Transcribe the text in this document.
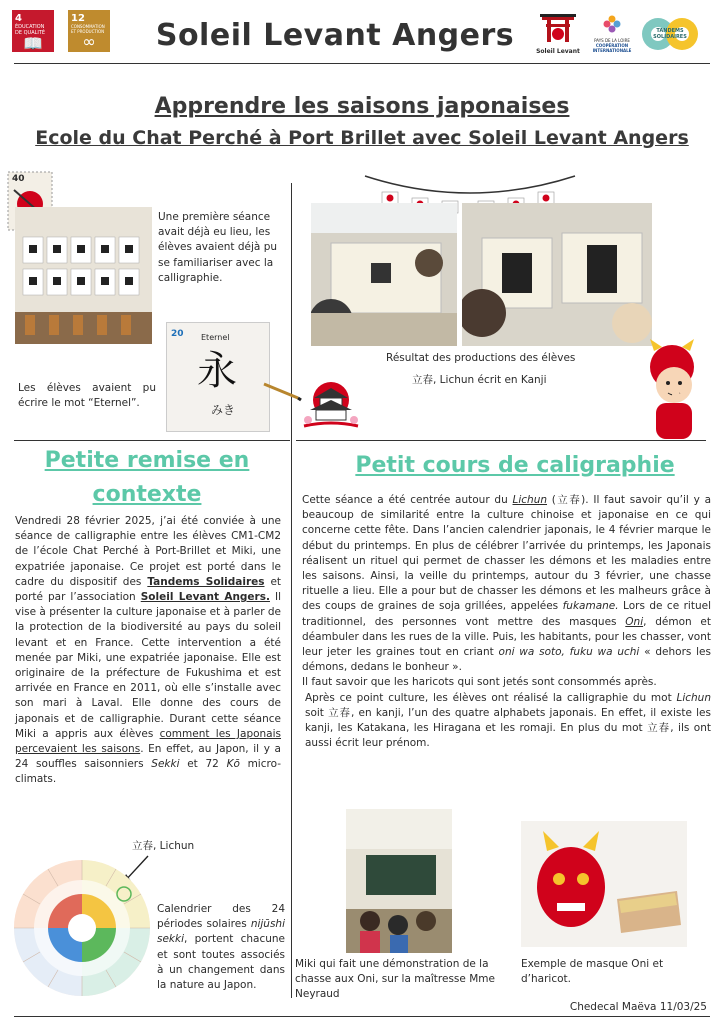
4
ÉDUCATION DE QUALITÉ
📖
12
CONSOMMATION ET PRODUCTION
∞	Soleil Levant Angers	Soleil Levant
PAYS DE LA LOIRE
COOPÉRATION INTERNATIONALE
TANDEMS SOLIDAIRES
Apprendre les saisons japonaises
Ecole du Chat Perché à Port Brillet avec Soleil Levant Angers
40
Une première séance avait déjà eu lieu, les élèves avaient déjà pu se familiariser avec la calligraphie.
20 Eternel
永
みき
Les élèves avaient pu écrire le mot “Eternel”.
Résultat des productions des élèves
立春, Lichun écrit en Kanji
Petite remise en
contexte
Vendredi 28 février 2025, j’ai été conviée à une séance de calligraphie entre les élèves CM1-CM2 de l’école Chat Perché à Port-Brillet et Miki, une expatriée japonaise. Ce projet est porté dans le cadre du dispositif des Tandems Solidaires et porté par l’association Soleil Levant Angers. Il vise à présenter la culture japonaise et à parler de la protection de la biodiversité au pays du soleil levant et en France. Cette intervention a été menée par Miki, une expatriée japonaise. Elle est originaire de la préfecture de Fukushima et est arrivée en France en 2011, où elle s’installe avec son mari à Laval. Elle donne des cours de japonais et de calligraphie. Durant cette séance Miki a appris aux élèves comment les Japonais percevaient les saisons. En effet, au Japon, il y a 24 souffles saisonniers Sekki et 72 Kō micro-climats.
立春, Lichun
Calendrier des 24 périodes solaires nijūshi sekki, portent chacune et sont toutes associés à un changement dans la nature au Japon.
Petit cours de caligraphie
Cette séance a été centrée autour du Lichun (立春). Il faut savoir qu’il y a beaucoup de similarité entre la culture chinoise et japonaise en ce qui concerne cette fête. Dans l’ancien calendrier japonais, le 4 février marque le début du printemps. En plus de célébrer l’arrivée du printemps, les Japonais réalisent un rituel qui permet de chasser les démons et les maladies entre les saisons. Ainsi, la veille du printemps, autour du 3 février, une chasse rituelle a lieu. Elle a pour but de chasser les démons et les malheurs grâce à des coups de graines de soja grillées, appelées fukamane. Lors de ce rituel traditionnel, des personnes vont mettre des masques Oni, démon et déambuler dans les rues de la ville. Puis, les habitants, pour les chasser, vont leur jeter les graines tout en criant oni wa soto, fuku wa uchi « dehors les démons, dedans le bonheur ».
Il faut savoir que les haricots qui sont jetés sont consommés après.
Après ce point culture, les élèves ont réalisé la calligraphie du mot Lichun soit 立春, en kanji, l’un des quatre alphabets japonais. En effet, il existe les kanji, les Katakana, les Hiragana et les romaji. En plus du mot 立春, ils ont aussi écrit leur prénom.
Miki qui fait une démonstration de la chasse aux Oni, sur la maîtresse Mme Neyraud
Exemple de masque Oni et d’haricot.
Chedecal Maëva 11/03/25
